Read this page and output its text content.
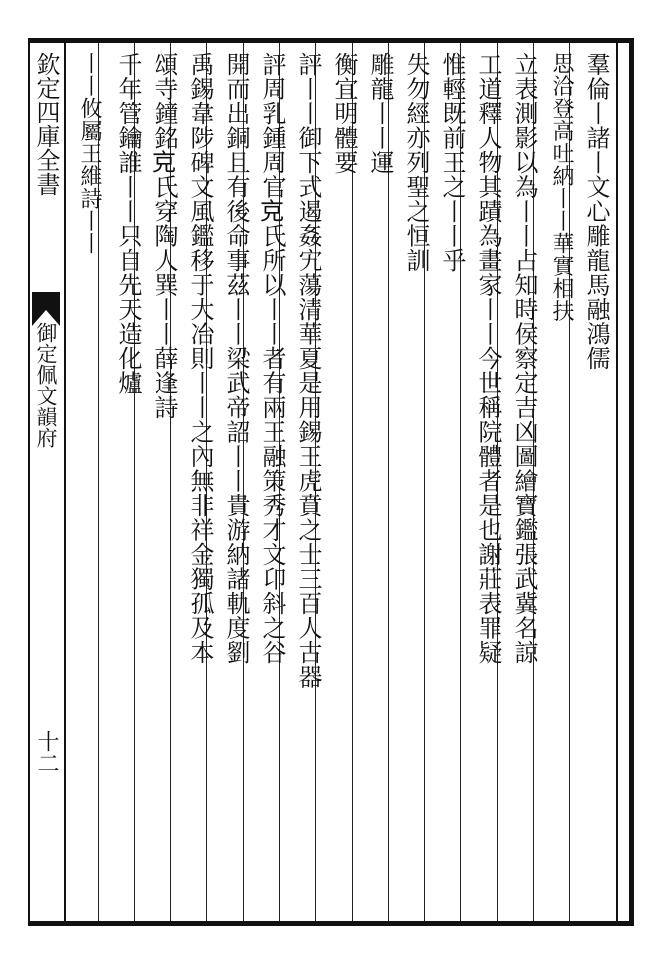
欽定四庫全書
御定佩文韻府
十二
羣倫丨諸丨文心雕龍馬融鴻儒
思洽登高吐納丨丨華實相扶
立表測影以為丨丨占知時侯察定吉凶圖繪寶鑑張武冀名諒
工道釋人物其蹟為畫家丨丨今世稱院體者是也謝莊表罪疑
惟輕既前王之丨丨乎
失勿經亦列聖之恒訓
雕龍丨丨運
衡宜明體要
評丨丨御下式遏姦宄蕩清華夏是用錫王虎賁之士三百人古器
評周乳鍾周官𠑽氏所以丨丨者有兩王融策秀才文卬斜之谷
開而出銅且有後命事茲丨丨梁武帝詔丨丨貴游納諸軌度劉
禹錫韋陟碑文風鑑移于大冶則丨丨之內無非祥金獨孤及本
頌寺鐘銘𠑽氏穿陶人巽丨丨薛逢詩
千年管鑰誰丨丨只自先天造化爐
丨丨攸屬王維詩丨丨
